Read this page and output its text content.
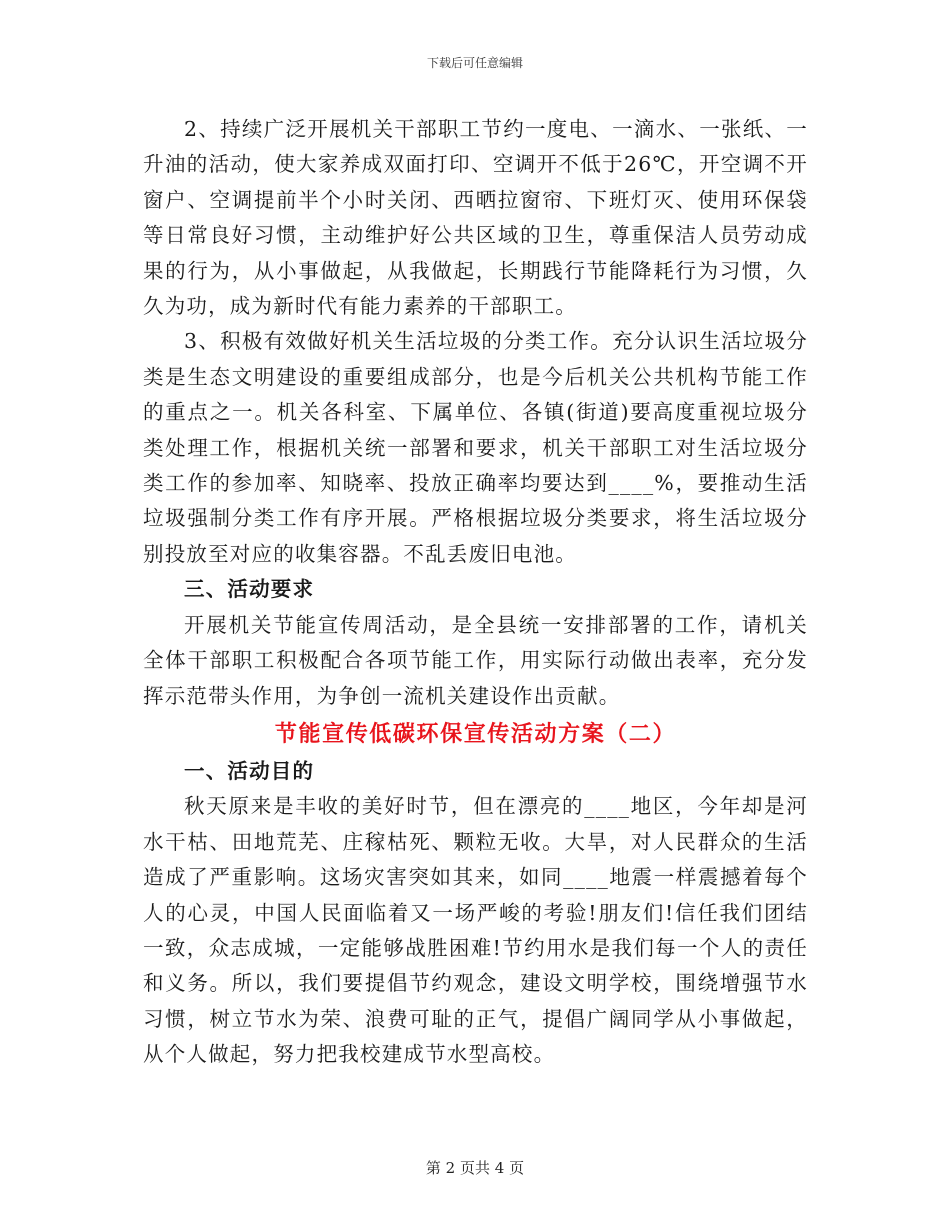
下载后可任意编辑

2、持续广泛开展机关干部职工节约一度电、一滴水、一张纸、一升油的活动，使大家养成双面打印、空调开不低于26℃，开空调不开窗户、空调提前半个小时关闭、西晒拉窗帘、下班灯灭、使用环保袋等日常良好习惯，主动维护好公共区域的卫生，尊重保洁人员劳动成果的行为，从小事做起，从我做起，长期践行节能降耗行为习惯，久久为功，成为新时代有能力素养的干部职工。

3、积极有效做好机关生活垃圾的分类工作。充分认识生活垃圾分类是生态文明建设的重要组成部分，也是今后机关公共机构节能工作的重点之一。机关各科室、下属单位、各镇(街道)要高度重视垃圾分类处理工作，根据机关统一部署和要求，机关干部职工对生活垃圾分类工作的参加率、知晓率、投放正确率均要达到____%，要推动生活垃圾强制分类工作有序开展。严格根据垃圾分类要求，将生活垃圾分别投放至对应的收集容器。不乱丢废旧电池。

三、活动要求

开展机关节能宣传周活动，是全县统一安排部署的工作，请机关全体干部职工积极配合各项节能工作，用实际行动做出表率，充分发挥示范带头作用，为争创一流机关建设作出贡献。

节能宣传低碳环保宣传活动方案（二）

一、活动目的

秋天原来是丰收的美好时节，但在漂亮的____地区，今年却是河水干枯、田地荒芜、庄稼枯死、颗粒无收。大旱，对人民群众的生活造成了严重影响。这场灾害突如其来，如同____地震一样震撼着每个人的心灵，中国人民面临着又一场严峻的考验!朋友们!信任我们团结一致，众志成城，一定能够战胜困难!节约用水是我们每一个人的责任和义务。所以，我们要提倡节约观念，建设文明学校，围绕增强节水习惯，树立节水为荣、浪费可耻的正气，提倡广阔同学从小事做起，从个人做起，努力把我校建成节水型高校。

第 2 页共 4 页
